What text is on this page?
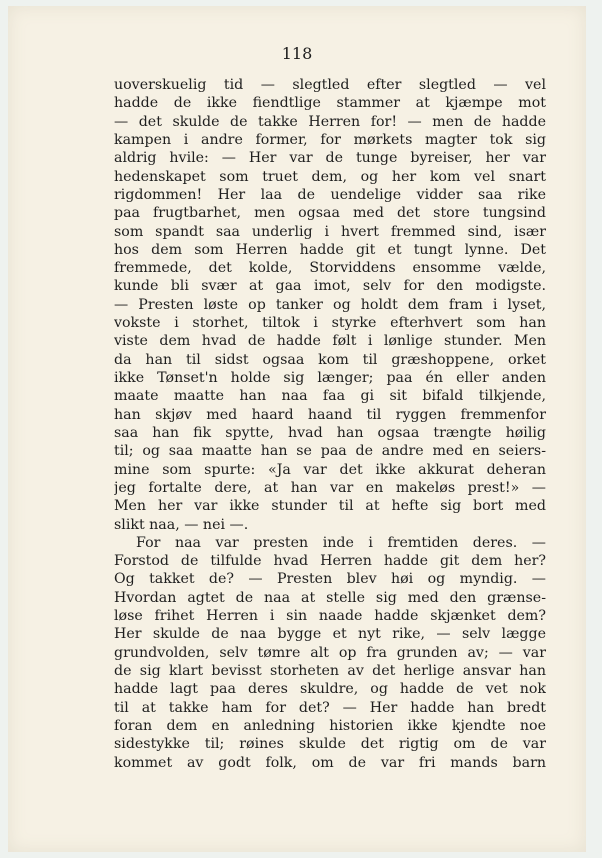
118
uoverskuelig tid — slegtled efter slegtled — vel
hadde de ikke fiendtlige stammer at kjæmpe mot
— det skulde de takke Herren for! — men de hadde
kampen i andre former, for mørkets magter tok sig
aldrig hvile: — Her var de tunge byreiser, her var
hedenskapet som truet dem, og her kom vel snart
rigdommen! Her laa de uendelige vidder saa rike
paa frugtbarhet, men ogsaa med det store tungsind
som spandt saa underlig i hvert fremmed sind, især
hos dem som Herren hadde git et tungt lynne. Det
fremmede, det kolde, Storviddens ensomme vælde,
kunde bli svær at gaa imot, selv for den modigste.
— Presten løste op tanker og holdt dem fram i lyset,
vokste i storhet, tiltok i styrke efterhvert som han
viste dem hvad de hadde følt i lønlige stunder. Men
da han til sidst ogsaa kom til græshoppene, orket
ikke Tønset'n holde sig længer; paa én eller anden
maate maatte han naa faa gi sit bifald tilkjende,
han skjøv med haard haand til ryggen fremmenfor
saa han fik spytte, hvad han ogsaa trængte høilig
til; og saa maatte han se paa de andre med en seiers-
mine som spurte: «Ja var det ikke akkurat deheran
jeg fortalte dere, at han var en makeløs prest!» —
Men her var ikke stunder til at hefte sig bort med
slikt naa, — nei —.
For naa var presten inde i fremtiden deres. —
Forstod de tilfulde hvad Herren hadde git dem her?
Og takket de? — Presten blev høi og myndig. —
Hvordan agtet de naa at stelle sig med den grænse-
løse frihet Herren i sin naade hadde skjænket dem?
Her skulde de naa bygge et nyt rike, — selv lægge
grundvolden, selv tømre alt op fra grunden av; — var
de sig klart bevisst storheten av det herlige ansvar han
hadde lagt paa deres skuldre, og hadde de vet nok
til at takke ham for det? — Her hadde han bredt
foran dem en anledning historien ikke kjendte noe
sidestykke til; røines skulde det rigtig om de var
kommet av godt folk, om de var fri mands barn
